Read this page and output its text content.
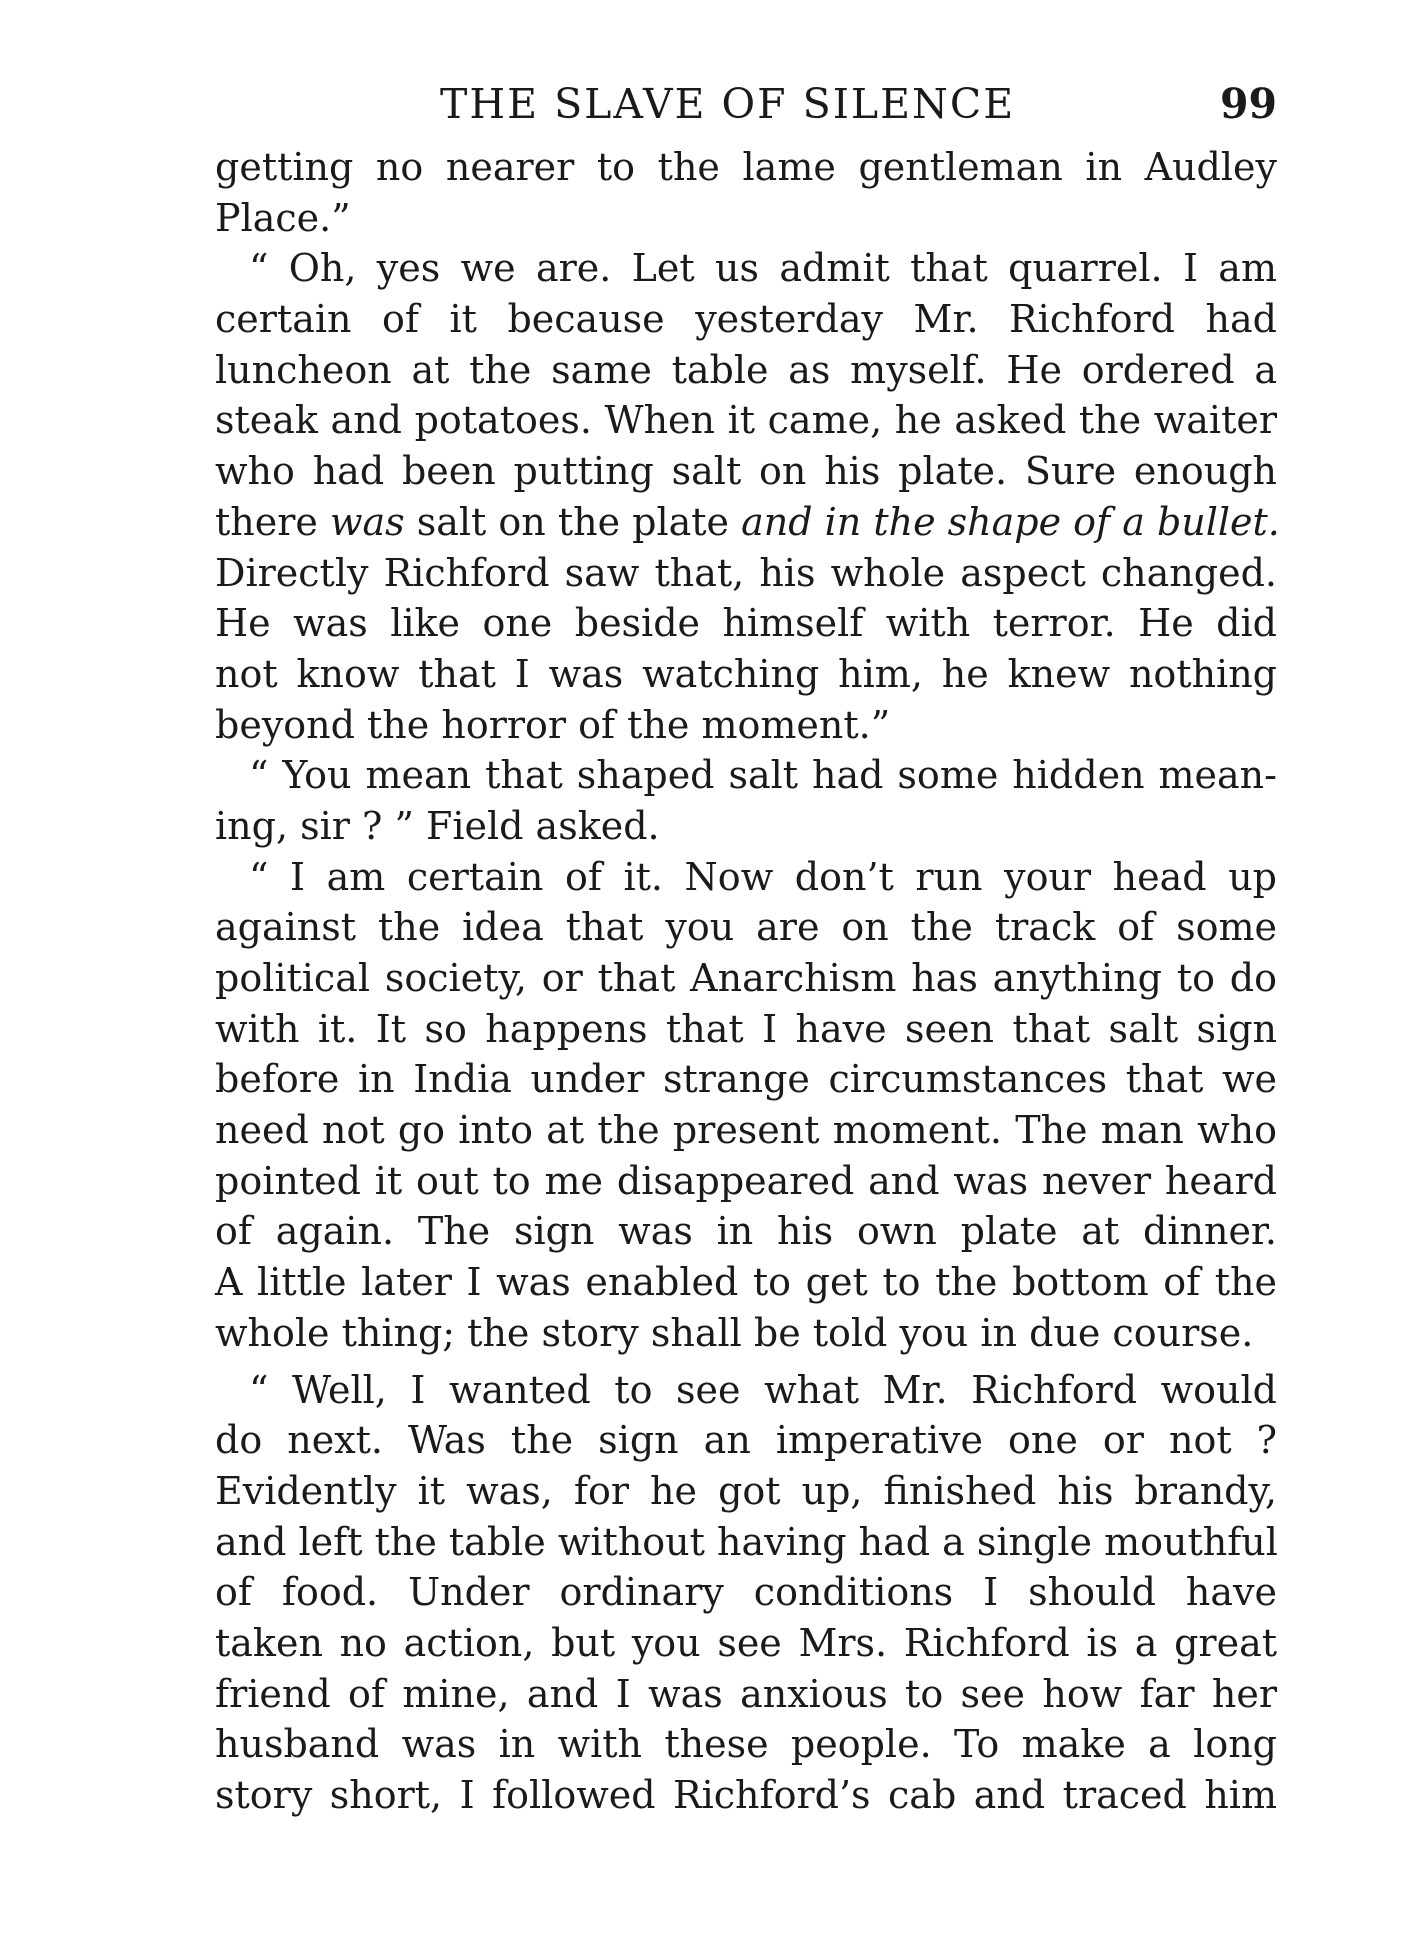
THE SLAVE OF SILENCE	99
getting no nearer to the lame gentleman in Audley
Place.”
“ Oh, yes we are. Let us admit that quarrel. I am
certain of it because yesterday Mr. Richford had
luncheon at the same table as myself. He ordered a
steak and potatoes. When it came, he asked the waiter
who had been putting salt on his plate. Sure enough
there was salt on the plate and in the shape of a bullet.
Directly Richford saw that, his whole aspect changed.
He was like one beside himself with terror. He did
not know that I was watching him, he knew nothing
beyond the horror of the moment.”
“ You mean that shaped salt had some hidden mean-
ing, sir ? ” Field asked.
“ I am certain of it. Now don’t run your head up
against the idea that you are on the track of some
political society, or that Anarchism has anything to do
with it. It so happens that I have seen that salt sign
before in India under strange circumstances that we
need not go into at the present moment. The man who
pointed it out to me disappeared and was never heard
of again. The sign was in his own plate at dinner.
A little later I was enabled to get to the bottom of the
whole thing; the story shall be told you in due course.
“ Well, I wanted to see what Mr. Richford would
do next. Was the sign an imperative one or not ?
Evidently it was, for he got up, finished his brandy,
and left the table without having had a single mouthful
of food. Under ordinary conditions I should have
taken no action, but you see Mrs. Richford is a great
friend of mine, and I was anxious to see how far her
husband was in with these people. To make a long
story short, I followed Richford’s cab and traced him
